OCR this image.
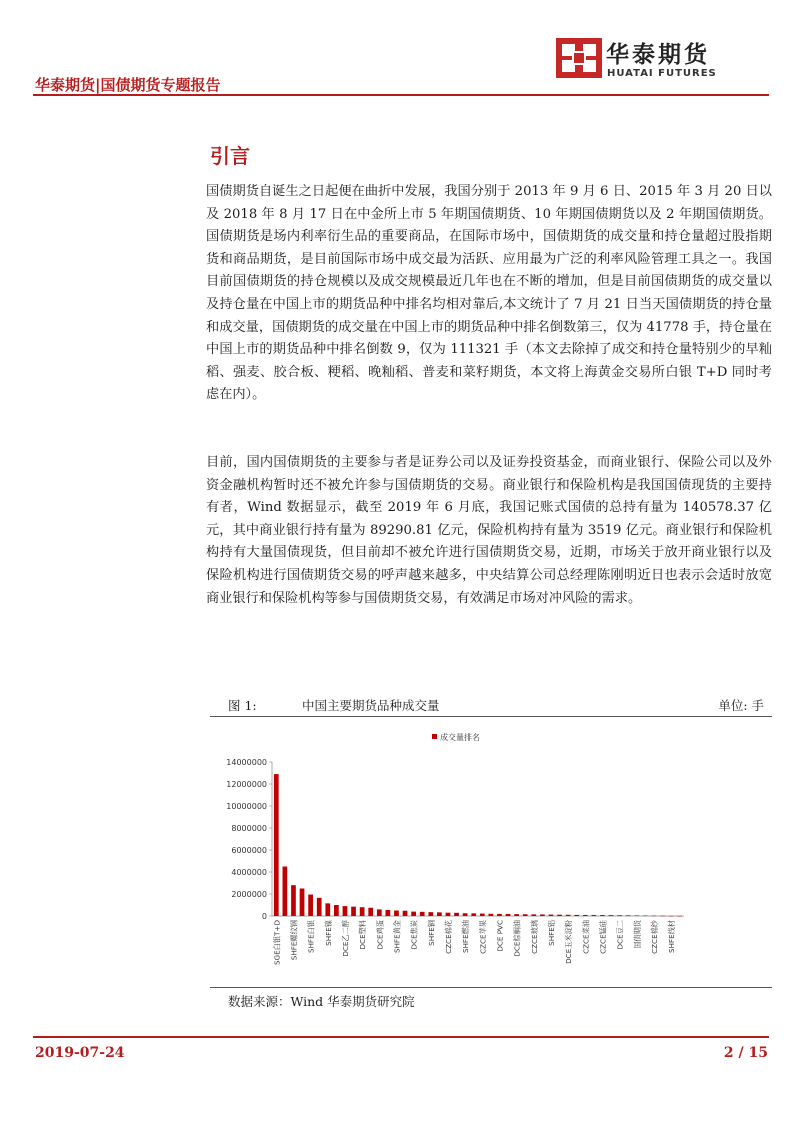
华泰期货|国债期货专题报告
华泰期货
HUATAI FUTURES
引言

国债期货自诞生之日起便在曲折中发展，我国分别于 2013 年 9 月 6 日、2015 年 3 月 20 日以及 2018 年 8 月 17 日在中金所上市 5 年期国债期货、10 年期国债期货以及 2 年期国债期货。国债期货是场内利率衍生品的重要商品，在国际市场中，国债期货的成交量和持仓量超过股指期货和商品期货，是目前国际市场中成交最为活跃、应用最为广泛的利率风险管理工具之一。我国目前国债期货的持仓规模以及成交规模最近几年也在不断的增加，但是目前国债期货的成交量以及持仓量在中国上市的期货品种中排名均相对靠后,本文统计了 7 月 21 日当天国债期货的持仓量和成交量，国债期货的成交量在中国上市的期货品种中排名倒数第三，仅为 41778 手，持仓量在中国上市的期货品种中排名倒数 9，仅为 111321 手（本文去除掉了成交和持仓量特别少的早籼稻、强麦、胶合板、粳稻、晚籼稻、普麦和菜籽期货，本文将上海黄金交易所白银 T+D 同时考虑在内）。

目前，国内国债期货的主要参与者是证券公司以及证券投资基金，而商业银行、保险公司以及外资金融机构暂时还不被允许参与国债期货的交易。商业银行和保险机构是我国国债现货的主要持有者，Wind 数据显示，截至 2019 年 6 月底，我国记账式国债的总持有量为 140578.37 亿元，其中商业银行持有量为 89290.81 亿元，保险机构持有量为 3519 亿元。商业银行和保险机构持有大量国债现货，但目前却不被允许进行国债期货交易，近期，市场关于放开商业银行以及保险机构进行国债期货交易的呼声越来越多，中央结算公司总经理陈刚明近日也表示会适时放宽商业银行和保险机构等参与国债期货交易，有效满足市场对冲风险的需求。

图 1:	中国主要期货品种成交量	单位: 手
成交量排名
0
2000000
4000000
6000000
8000000
10000000
12000000
14000000
SGE白银T+D SHFE螺纹钢 SHFE白银 SHFE镍 DCE乙二醇 DCE塑料 DCE鸡蛋 SHFE黄金 DCE焦炭 SHFE铜 CZCE棉花 SHFE燃油 CZCE苹果 DCE PVC DCE棕榈油 CZCE玻璃 SHFE铝 DCE玉米淀粉 CZCE菜油 CZCE锰硅 DCE豆二 国债期货 CZCE棉纱 SHFE线材
数据来源：Wind 华泰期货研究院
2019-07-24	2 / 15
